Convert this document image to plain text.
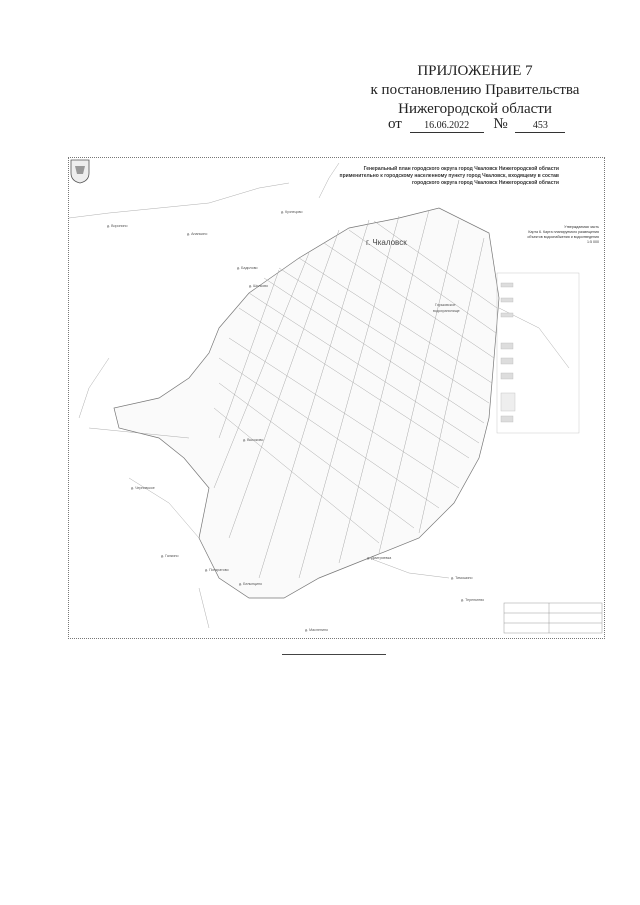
ПРИЛОЖЕНИЕ 7
к постановлению Правительства
Нижегородской области
от 16.06.2022 №	453
Генеральный план городского округа город Чкаловск Нижегородской области
применительно к городскому населенному пункту город Чкаловск, входящему в состав
городского округа город Чкаловск Нижегородской области
Утверждаемая часть
Карта 6. Карта планируемого размещения
объектов водоснабжения и водоотведения
1:5 000
г. Чкаловск
Горьковское
водохранилище
д. Воронино
д. Кузнецово
д. Ананьино
д. Бадилово
д. Шилково
д. Высоково
д. Черновское
д. Галкино
д. Понкратово
д. Белынцино
д. Тимошино
д. Дмитриевка
д. Тереньтево
д. Масленино
